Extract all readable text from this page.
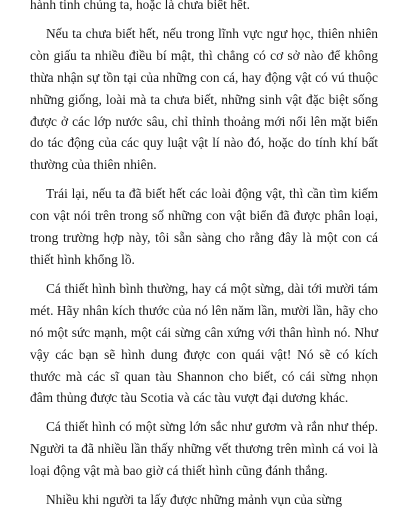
hành tinh chúng ta, hoặc là chưa biết hết.

Nếu ta chưa biết hết, nếu trong lĩnh vực ngư học, thiên nhiên còn giấu ta nhiều điều bí mật, thì chẳng có cơ sở nào để không thừa nhận sự tồn tại của những con cá, hay động vật có vú thuộc những giống, loài mà ta chưa biết, những sinh vật đặc biệt sống được ở các lớp nước sâu, chỉ thỉnh thoảng mới nổi lên mặt biển do tác động của các quy luật vật lí nào đó, hoặc do tính khí bất thường của thiên nhiên.

Trái lại, nếu ta đã biết hết các loài động vật, thì cần tìm kiếm con vật nói trên trong số những con vật biển đã được phân loại, trong trường hợp này, tôi sẵn sàng cho rằng đây là một con cá thiết hình khổng lồ.

Cá thiết hình bình thường, hay cá một sừng, dài tới mười tám mét. Hãy nhân kích thước của nó lên năm lần, mười lần, hãy cho nó một sức mạnh, một cái sừng cân xứng với thân hình nó. Như vậy các bạn sẽ hình dung được con quái vật! Nó sẽ có kích thước mà các sĩ quan tàu Shannon cho biết, có cái sừng nhọn đâm thủng được tàu Scotia và các tàu vượt đại dương khác.

Cá thiết hình có một sừng lớn sắc như gươm và rắn như thép. Người ta đã nhiều lần thấy những vết thương trên mình cá voi là loại động vật mà bao giờ cá thiết hình cũng đánh thắng.

Nhiều khi người ta lấy được những mảnh vụn của sừng
